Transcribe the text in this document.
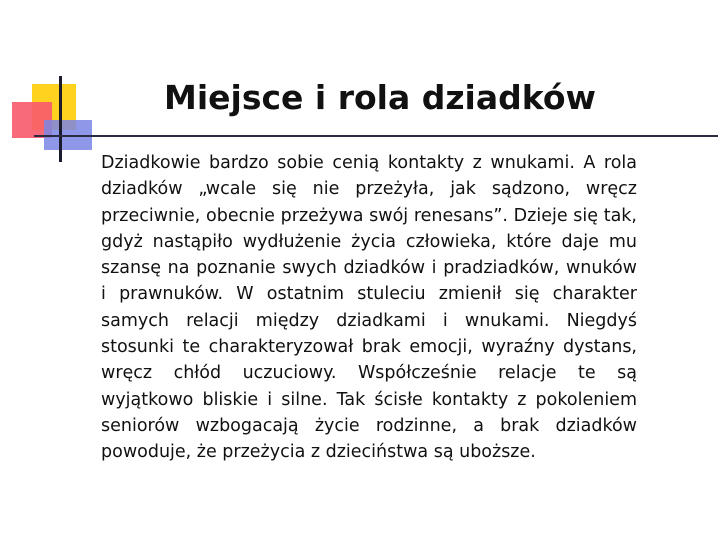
Miejsce i rola dziadków

Dziadkowie bardzo sobie cenią kontakty z wnukami. A rola dziadków „wcale się nie przeżyła, jak sądzono, wręcz przeciwnie, obecnie przeżywa swój renesans”. Dzieje się tak, gdyż nastąpiło wydłużenie życia człowieka, które daje mu szansę na poznanie swych dziadków i pradziadków, wnuków i prawnuków. W ostatnim stuleciu zmienił się charakter samych relacji między dziadkami i wnukami. Niegdyś stosunki te charakteryzował brak emocji, wyraźny dystans, wręcz chłód uczuciowy. Współcześnie relacje te są wyjątkowo bliskie i silne. Tak ścisłe kontakty z pokoleniem seniorów wzbogacają życie rodzinne, a brak dziadków powoduje, że przeżycia z dzieciństwa są uboższe.
